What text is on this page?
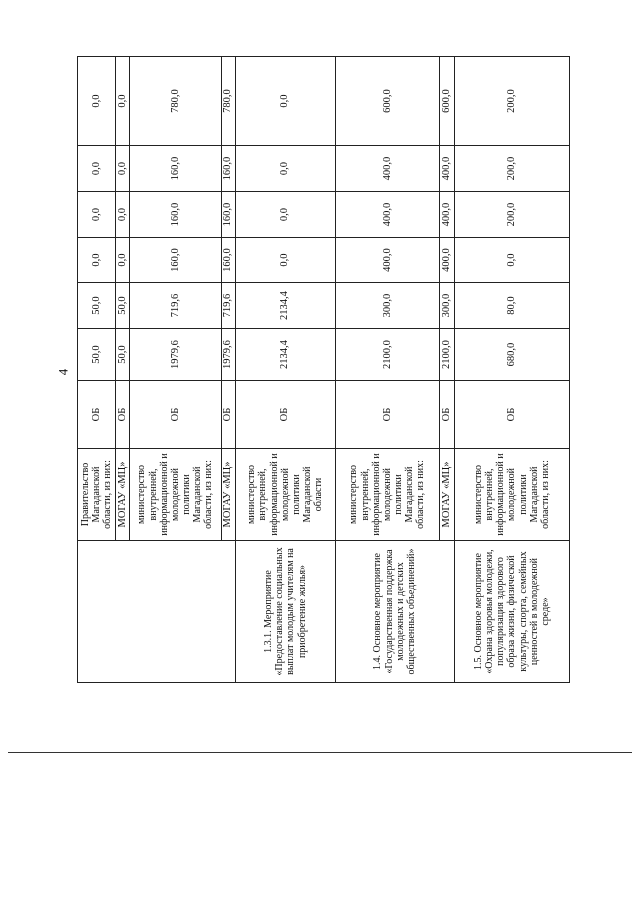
4
	Правительство Магаданской области, из них:	ОБ	50,0	50,0	0,0	0,0	0,0	0,0
	МОГАУ «МЦ»	ОБ	50,0	50,0	0,0	0,0	0,0	0,0
	министерство внутренней, информационной и молодежной политики Магаданской области, из них:	ОБ	1979,6	719,6	160,0	160,0	160,0	780,0
	МОГАУ «МЦ»	ОБ	1979,6	719,6	160,0	160,0	160,0	780,0
1.3.1. Мероприятие «Предоставление социальных выплат молодым учителям на приобретение жилья»	министерство внутренней, информационной и молодежной политики Магаданской области	ОБ	2134,4	2134,4	0,0	0,0	0,0	0,0
1.4. Основное мероприятие «Государственная поддержка молодежных и детских общественных объединений»	министерство внутренней, информационной и молодежной политики Магаданской области, из них:	ОБ	2100,0	300,0	400,0	400,0	400,0	600,0
	МОГАУ «МЦ»	ОБ	2100,0	300,0	400,0	400,0	400,0	600,0
1.5. Основное мероприятие «Охрана здоровья молодежи, популяризация здорового образа жизни, физической культуры, спорта, семейных ценностей в молодежной среде»	министерство внутренней, информационной и молодежной политики Магаданской области, из них:	ОБ	680,0	80,0	0,0	200,0	200,0	200,0
